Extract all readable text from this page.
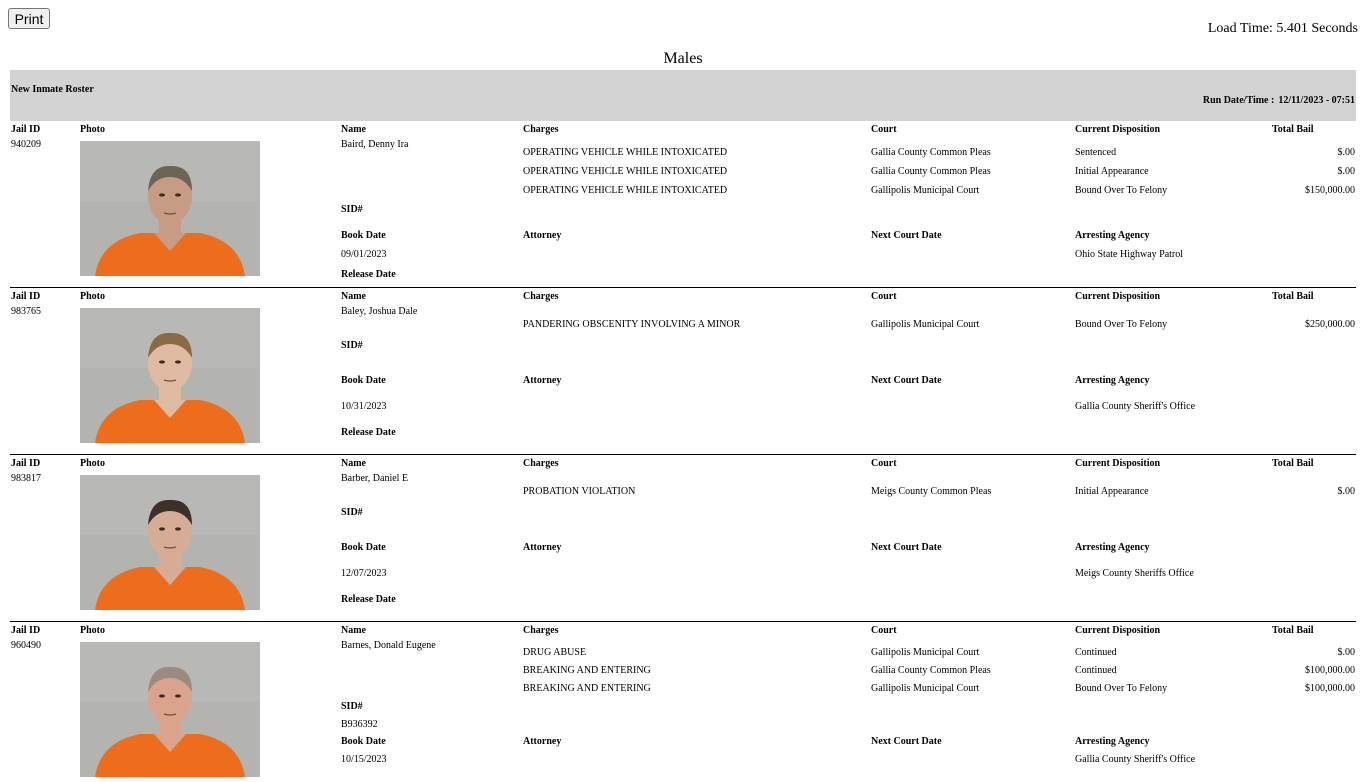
Print
Load Time: 5.401 Seconds
Males
New Inmate Roster
Run Date/Time : 12/11/2023 - 07:51
Jail ID	Photo	Name	Charges	Court	Current Disposition	Total Bail
940209	Baird, Denny Ira
OPERATING VEHICLE WHILE INTOXICATED	Gallia County Common Pleas	Sentenced	$.00
OPERATING VEHICLE WHILE INTOXICATED	Gallia County Common Pleas	Initial Appearance	$.00
OPERATING VEHICLE WHILE INTOXICATED	Gallipolis Municipal Court	Bound Over To Felony	$150,000.00
SID#
Book Date	Attorney	Next Court Date	Arresting Agency
09/01/2023	Ohio State Highway Patrol
Release Date
Jail ID	Photo	Name	Charges	Court	Current Disposition	Total Bail
983765	Baley, Joshua Dale
PANDERING OBSCENITY INVOLVING A MINOR	Gallipolis Municipal Court	Bound Over To Felony	$250,000.00
SID#
Book Date	Attorney	Next Court Date	Arresting Agency
10/31/2023	Gallia County Sheriff's Office
Release Date
Jail ID	Photo	Name	Charges	Court	Current Disposition	Total Bail
983817	Barber, Daniel E
PROBATION VIOLATION	Meigs County Common Pleas	Initial Appearance	$.00
SID#
Book Date	Attorney	Next Court Date	Arresting Agency
12/07/2023	Meigs County Sheriffs Office
Release Date
Jail ID	Photo	Name	Charges	Court	Current Disposition	Total Bail
960490	Barnes, Donald Eugene
DRUG ABUSE	Gallipolis Municipal Court	Continued	$.00
BREAKING AND ENTERING	Gallia County Common Pleas	Continued	$100,000.00
BREAKING AND ENTERING	Gallipolis Municipal Court	Bound Over To Felony	$100,000.00
SID#
B936392
Book Date	Attorney	Next Court Date	Arresting Agency
10/15/2023	Gallia County Sheriff's Office
